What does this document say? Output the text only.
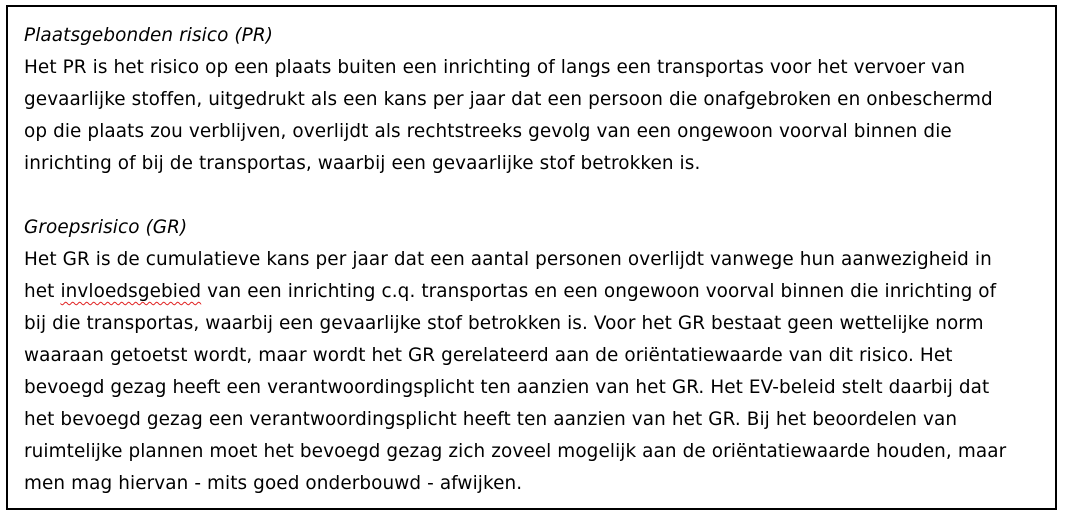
Plaatsgebonden risico (PR)

Het PR is het risico op een plaats buiten een inrichting of langs een transportas voor het vervoer van
gevaarlijke stoffen, uitgedrukt als een kans per jaar dat een persoon die onafgebroken en onbeschermd
op die plaats zou verblijven, overlijdt als rechtstreeks gevolg van een ongewoon voorval binnen die
inrichting of bij de transportas, waarbij een gevaarlijke stof betrokken is.

Groepsrisico (GR)

Het GR is de cumulatieve kans per jaar dat een aantal personen overlijdt vanwege hun aanwezigheid in
het invloedsgebied van een inrichting c.q. transportas en een ongewoon voorval binnen die inrichting of
bij die transportas, waarbij een gevaarlijke stof betrokken is. Voor het GR bestaat geen wettelijke norm
waaraan getoetst wordt, maar wordt het GR gerelateerd aan de oriëntatiewaarde van dit risico. Het
bevoegd gezag heeft een verantwoordingsplicht ten aanzien van het GR. Het EV-beleid stelt daarbij dat
het bevoegd gezag een verantwoordingsplicht heeft ten aanzien van het GR. Bij het beoordelen van
ruimtelijke plannen moet het bevoegd gezag zich zoveel mogelijk aan de oriëntatiewaarde houden, maar
men mag hiervan - mits goed onderbouwd - afwijken.
